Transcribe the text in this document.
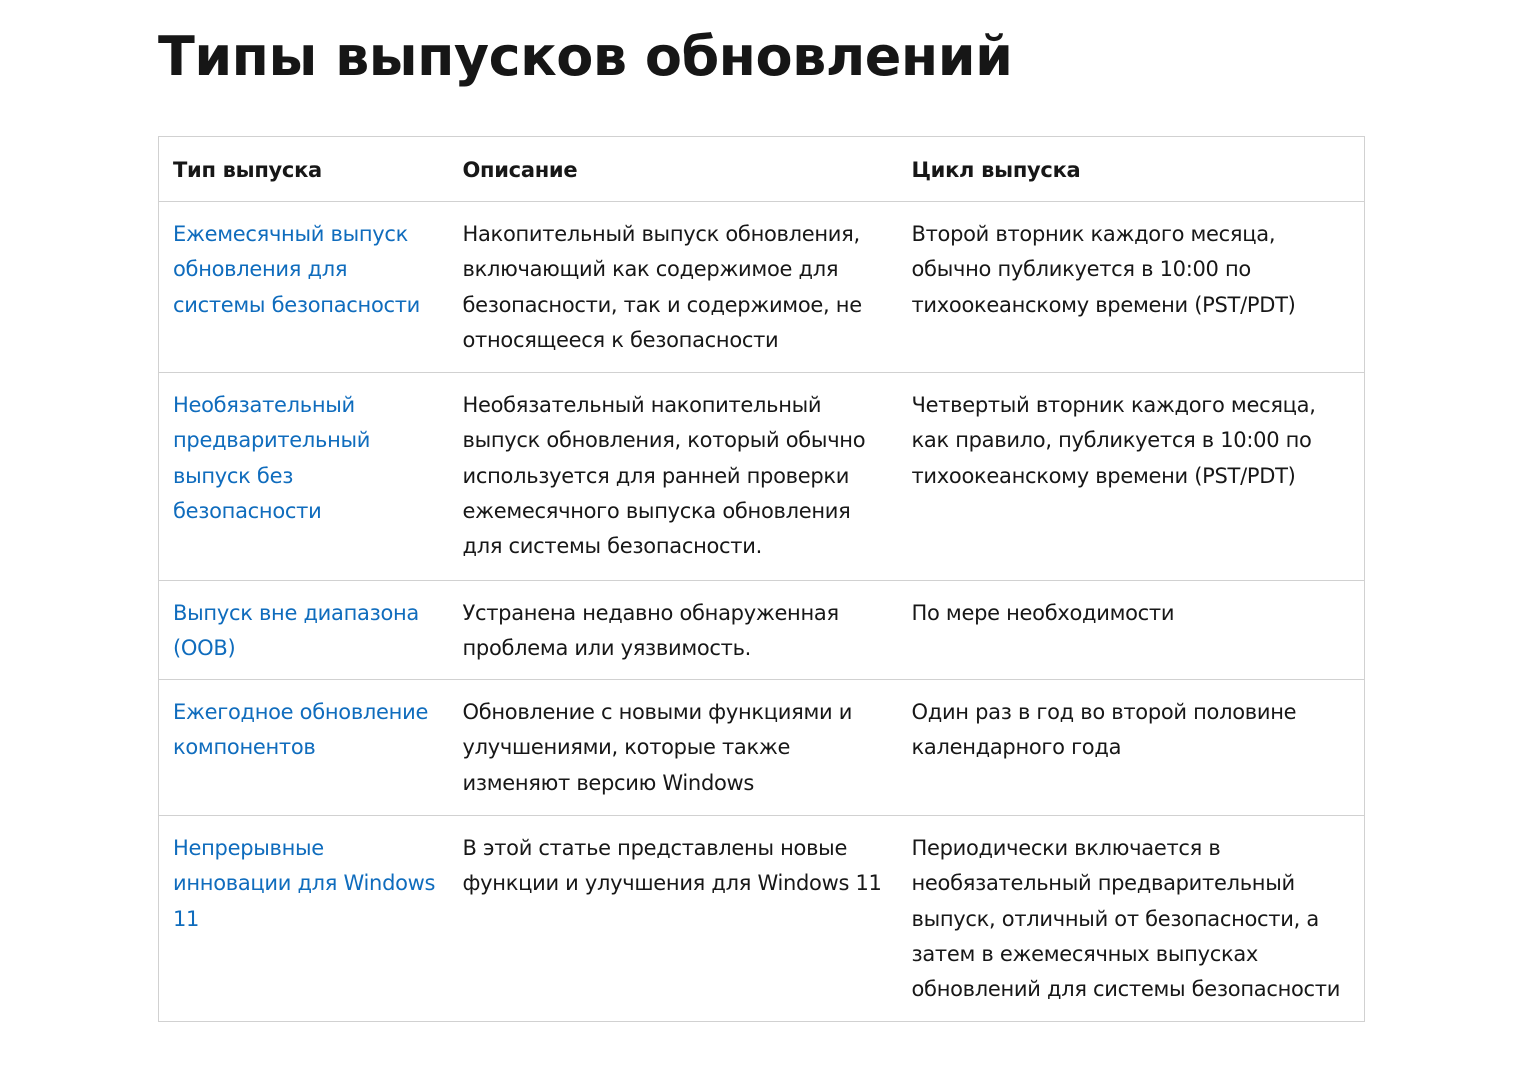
Типы выпусков обновлений
Тип выпуска	Описание	Цикл выпуска
Ежемесячный выпуск обновления для системы безопасности	Накопительный выпуск обновления, включающий как содержимое для безопасности, так и содержимое, не относящееся к безопасности	Второй вторник каждого месяца, обычно публикуется в 10:00 по тихоокеанскому времени (PST/PDT)
Необязательный предварительный выпуск без безопасности	Необязательный накопительный выпуск обновления, который обычно используется для ранней проверки ежемесячного выпуска обновления для системы безопасности.	Четвертый вторник каждого месяца, как правило, публикуется в 10:00 по тихоокеанскому времени (PST/PDT)
Выпуск вне диапазона (OOB)	Устранена недавно обнаруженная проблема или уязвимость.	По мере необходимости
Ежегодное обновление компонентов	Обновление с новыми функциями и улучшениями, которые также изменяют версию Windows	Один раз в год во второй половине календарного года
Непрерывные инновации для Windows 11	В этой статье представлены новые функции и улучшения для Windows 11	Периодически включается в необязательный предварительный выпуск, отличный от безопасности, а затем в ежемесячных выпусках обновлений для системы безопасности
